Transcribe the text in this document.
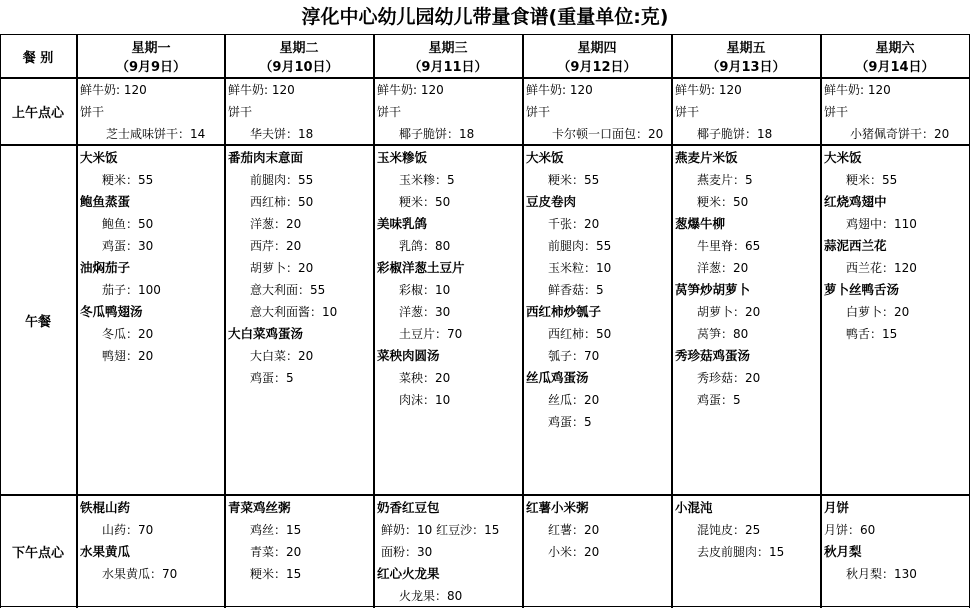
淳化中心幼儿园幼儿带量食谱(重量单位:克)
餐 别
上午点心
午餐
下午点心
星期一
（9月9日）
鲜牛奶: 120
饼干
芝士咸味饼干：14
大米饭
粳米：55
鲍鱼蒸蛋
鲍鱼：50
鸡蛋：30
油焖茄子
茄子：100
冬瓜鸭翅汤
冬瓜：20
鸭翅：20
铁棍山药
山药：70
水果黄瓜
水果黄瓜：70
星期二
（9月10日）
鲜牛奶: 120
饼干
华夫饼：18
番茄肉末意面
前腿肉：55
西红柿：50
洋葱：20
西芹：20
胡萝卜：20
意大利面：55
意大利面酱：10
大白菜鸡蛋汤
大白菜：20
鸡蛋：5
青菜鸡丝粥
鸡丝：15
青菜：20
粳米：15
星期三
（9月11日）
鲜牛奶: 120
饼干
椰子脆饼：18
玉米糁饭
玉米糁：5
粳米：50
美味乳鸽
乳鸽：80
彩椒洋葱土豆片
彩椒：10
洋葱：30
土豆片：70
菜秧肉圆汤
菜秧：20
肉沫：10
奶香红豆包
鲜奶：10 红豆沙：15
面粉：30
红心火龙果
火龙果：80
星期四
（9月12日）
鲜牛奶: 120
饼干
卡尔顿一口面包：20
大米饭
粳米：55
豆皮卷肉
千张：20
前腿肉：55
玉米粒：10
鲜香菇：5
西红柿炒瓠子
西红柿：50
瓠子：70
丝瓜鸡蛋汤
丝瓜：20
鸡蛋：5
红薯小米粥
红薯：20
小米：20
星期五
（9月13日）
鲜牛奶: 120
饼干
椰子脆饼：18
燕麦片米饭
燕麦片：5
粳米：50
葱爆牛柳
牛里脊：65
洋葱：20
莴笋炒胡萝卜
胡萝卜：20
莴笋：80
秀珍菇鸡蛋汤
秀珍菇：20
鸡蛋：5
小混沌
混饨皮：25
去皮前腿肉：15
星期六
（9月14日）
鲜牛奶: 120
饼干
小猪佩奇饼干：20
大米饭
粳米：55
红烧鸡翅中
鸡翅中：110
蒜泥西兰花
西兰花：120
萝卜丝鸭舌汤
白萝卜：20
鸭舌：15
月饼
月饼：60
秋月梨
秋月梨：130
